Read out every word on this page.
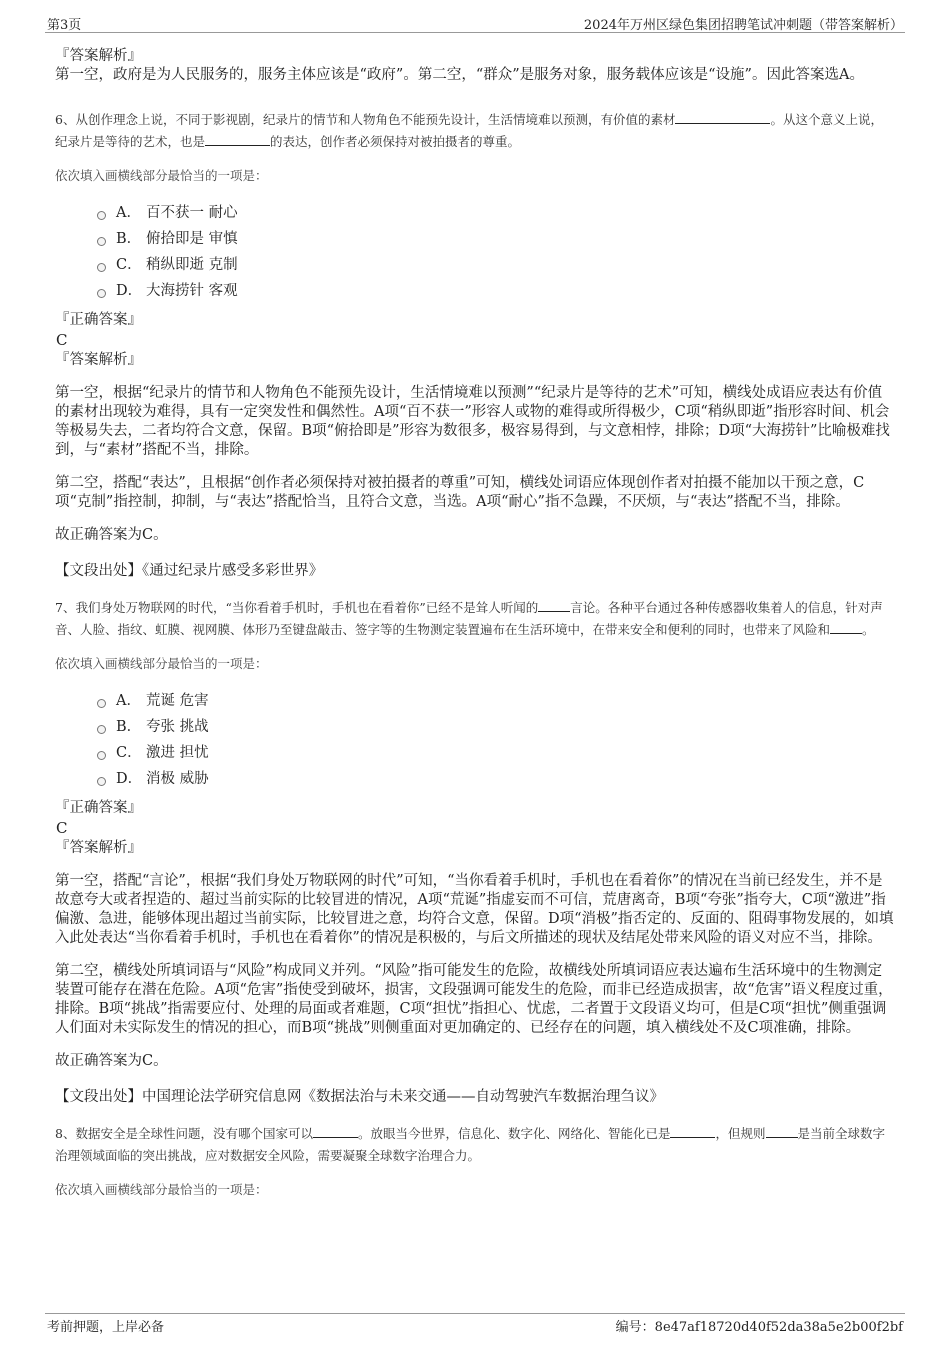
第3页	2024年万州区绿色集团招聘笔试冲刺题（带答案解析）
『答案解析』
第一空，政府是为人民服务的，服务主体应该是“政府”。第二空，“群众”是服务对象，服务载体应该是“设施”。因此答案选A。
6、从创作理念上说，不同于影视剧，纪录片的情节和人物角色不能预先设计，生活情境难以预测，有价值的素材	。从这个意义上说，纪录片是等待的艺术，也是	的表达，创作者必须保持对被拍摄者的尊重。
依次填入画横线部分最恰当的一项是：
A． 百不获一 耐心
B． 俯拾即是 审慎
C． 稍纵即逝 克制
D． 大海捞针 客观
『正确答案』
C
『答案解析』
第一空，根据“纪录片的情节和人物角色不能预先设计，生活情境难以预测”“纪录片是等待的艺术”可知，横线处成语应表达有价值的素材出现较为难得，具有一定突发性和偶然性。A项“百不获一”形容人或物的难得或所得极少，C项“稍纵即逝”指形容时间、机会等极易失去，二者均符合文意，保留。B项“俯拾即是”形容为数很多，极容易得到，与文意相悖，排除；D项“大海捞针”比喻极难找到，与“素材”搭配不当，排除。
第二空，搭配“表达”，且根据“创作者必须保持对被拍摄者的尊重”可知，横线处词语应体现创作者对拍摄不能加以干预之意，C项“克制”指控制，抑制，与“表达”搭配恰当，且符合文意，当选。A项“耐心”指不急躁，不厌烦，与“表达”搭配不当，排除。
故正确答案为C。
【文段出处】《通过纪录片感受多彩世界》
7、我们身处万物联网的时代，“当你看着手机时，手机也在看着你”已经不是耸人听闻的	言论。各种平台通过各种传感器收集着人的信息，针对声音、人脸、指纹、虹膜、视网膜、体形乃至键盘敲击、签字等的生物测定装置遍布在生活环境中，在带来安全和便利的同时，也带来了风险和	。
依次填入画横线部分最恰当的一项是：
A． 荒诞 危害
B． 夸张 挑战
C． 激进 担忧
D． 消极 威胁
『正确答案』
C
『答案解析』
第一空，搭配“言论”，根据“我们身处万物联网的时代”可知，“当你看着手机时，手机也在看着你”的情况在当前已经发生，并不是故意夸大或者捏造的、超过当前实际的比较冒进的情况，A项“荒诞”指虚妄而不可信，荒唐离奇，B项“夸张”指夸大，C项“激进”指偏激、急进，能够体现出超过当前实际，比较冒进之意，均符合文意，保留。D项“消极”指否定的、反面的、阻碍事物发展的，如填入此处表达“当你看着手机时，手机也在看着你”的情况是积极的，与后文所描述的现状及结尾处带来风险的语义对应不当，排除。
第二空，横线处所填词语与“风险”构成同义并列。“风险”指可能发生的危险，故横线处所填词语应表达遍布生活环境中的生物测定装置可能存在潜在危险。A项“危害”指使受到破坏，损害，文段强调可能发生的危险，而非已经造成损害，故“危害”语义程度过重，排除。B项“挑战”指需要应付、处理的局面或者难题，C项“担忧”指担心、忧虑，二者置于文段语义均可，但是C项“担忧”侧重强调人们面对未实际发生的情况的担心，而B项“挑战”则侧重面对更加确定的、已经存在的问题，填入横线处不及C项准确，排除。
故正确答案为C。
【文段出处】中国理论法学研究信息网《数据法治与未来交通——自动驾驶汽车数据治理刍议》
8、数据安全是全球性问题，没有哪个国家可以	。放眼当今世界，信息化、数字化、网络化、智能化已是	，但规则	是当前全球数字治理领域面临的突出挑战，应对数据安全风险，需要凝聚全球数字治理合力。
依次填入画横线部分最恰当的一项是：
考前押题，上岸必备	编号：8e47af18720d40f52da38a5e2b00f2bf
